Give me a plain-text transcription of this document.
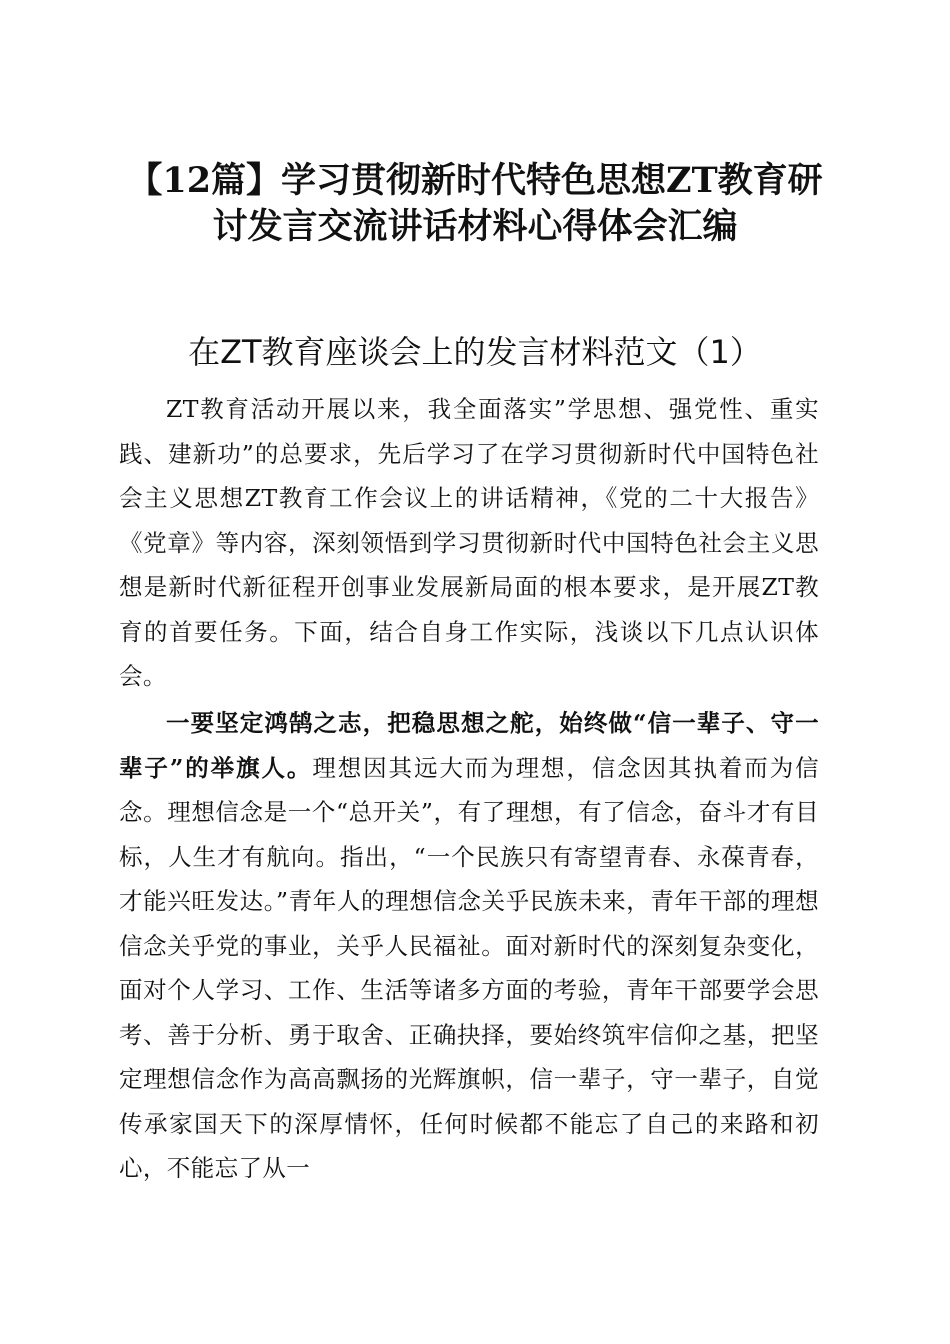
【12篇】学习贯彻新时代特色思想ZT教育研
讨发言交流讲话材料心得体会汇编
在ZT教育座谈会上的发言材料范文（1）

ZT教育活动开展以来，我全面落实”学思想、强党性、重实践、建新功”的总要求，先后学习了在学习贯彻新时代中国特色社会主义思想ZT教育工作会议上的讲话精神，《党的二十大报告》《党章》等内容，深刻领悟到学习贯彻新时代中国特色社会主义思想是新时代新征程开创事业发展新局面的根本要求，是开展ZT教育的首要任务。下面，结合自身工作实际，浅谈以下几点认识体会。

一要坚定鸿鹄之志，把稳思想之舵，始终做“信一辈子、守一辈子”的举旗人。理想因其远大而为理想，信念因其执着而为信念。理想信念是一个“总开关”，有了理想，有了信念，奋斗才有目标，人生才有航向。指出，“一个民族只有寄望青春、永葆青春，才能兴旺发达。”青年人的理想信念关乎民族未来，青年干部的理想信念关乎党的事业，关乎人民福祉。面对新时代的深刻复杂变化，面对个人学习、工作、生活等诸多方面的考验，青年干部要学会思考、善于分析、勇于取舍、正确抉择，要始终筑牢信仰之基，把坚定理想信念作为高高飘扬的光辉旗帜，信一辈子，守一辈子，自觉传承家国天下的深厚情怀，任何时候都不能忘了自己的来路和初心，不能忘了从一
